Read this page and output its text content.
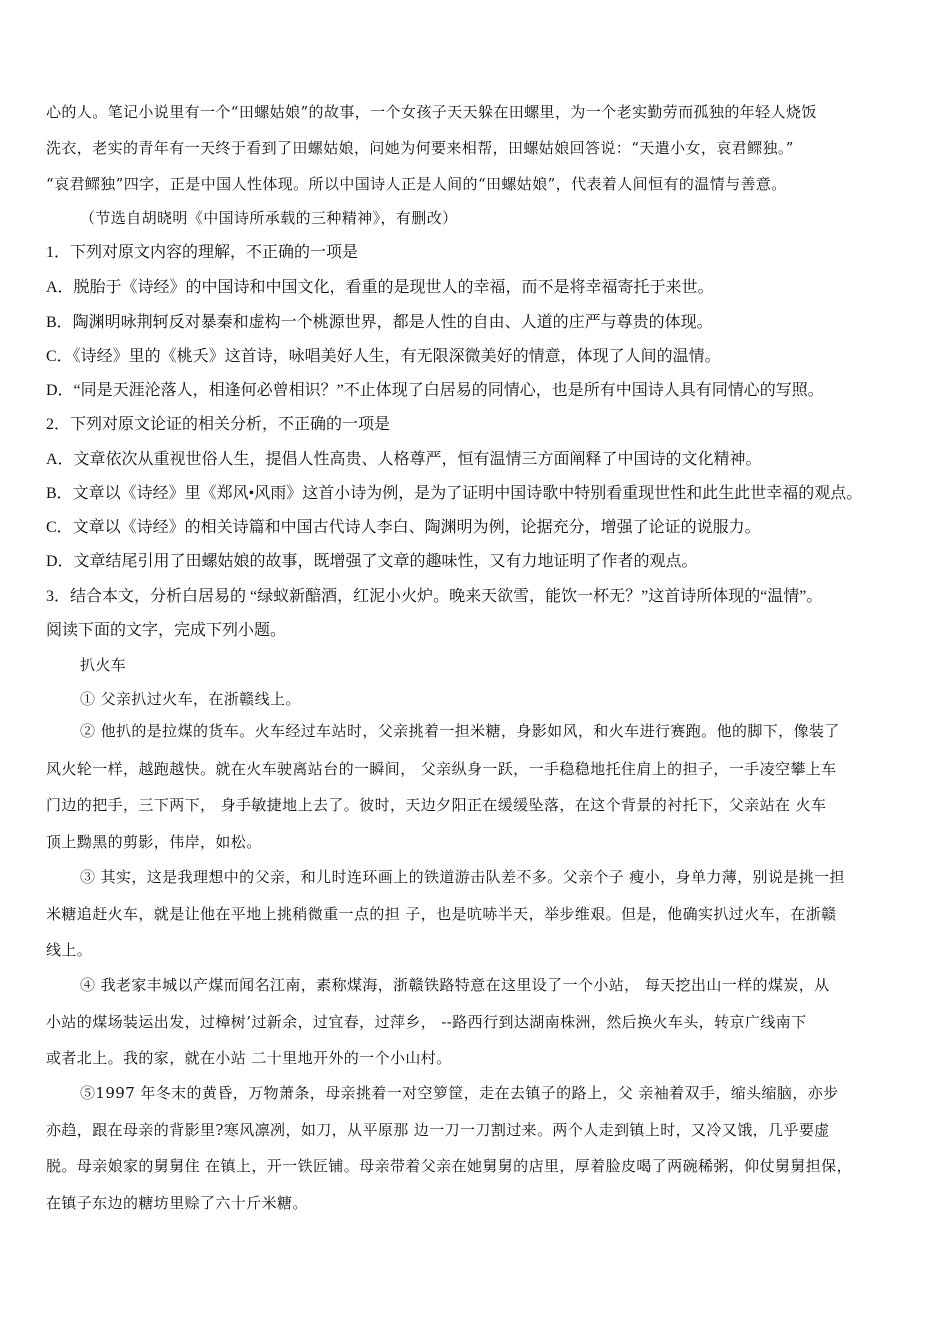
心的人。笔记小说里有一个“田螺姑娘”的故事，一个女孩子天天躲在田螺里，为一个老实勤劳而孤独的年轻人烧饭
洗衣，老实的青年有一天终于看到了田螺姑娘，问她为何要来相帮，田螺姑娘回答说：“天遣小女，哀君鳏独。”
“哀君鳏独”四字，正是中国人性体现。所以中国诗人正是人间的“田螺姑娘”，代表着人间恒有的温情与善意。
（节选自胡晓明《中国诗所承载的三种精神》，有删改）
1．下列对原文内容的理解，不正确的一项是
A．脱胎于《诗经》的中国诗和中国文化，看重的是现世人的幸福，而不是将幸福寄托于来世。
B．陶渊明咏荆轲反对暴秦和虚构一个桃源世界，都是人性的自由、人道的庄严与尊贵的体现。
C．《诗经》里的《桃夭》这首诗，咏唱美好人生，有无限深微美好的情意，体现了人间的温情。
D．“同是天涯沦落人，相逢何必曾相识？”不止体现了白居易的同情心，也是所有中国诗人具有同情心的写照。
2．下列对原文论证的相关分析，不正确的一项是
A．文章依次从重视世俗人生，提倡人性高贵、人格尊严，恒有温情三方面阐释了中国诗的文化精神。
B．文章以《诗经》里《郑风•风雨》这首小诗为例，是为了证明中国诗歌中特别看重现世性和此生此世幸福的观点。
C．文章以《诗经》的相关诗篇和中国古代诗人李白、陶渊明为例，论据充分，增强了论证的说服力。
D．文章结尾引用了田螺姑娘的故事，既增强了文章的趣味性，又有力地证明了作者的观点。
3．结合本文，分析白居易的 “绿蚁新醅酒，红泥小火炉。晚来天欲雪，能饮一杯无？”这首诗所体现的“温情”。
阅读下面的文字，完成下列小题。
扒火车
① 父亲扒过火车，在浙赣线上。
② 他扒的是拉煤的货车。火车经过车站时，父亲挑着一担米糖，身影如风，和火车进行赛跑。他的脚下，像装了
风火轮一样，越跑越快。就在火车驶离站台的一瞬间， 父亲纵身一跃，一手稳稳地托住肩上的担子，一手凌空攀上车
门边的把手，三下两下， 身手敏捷地上去了。彼时，天边夕阳正在缓缓坠落，在这个背景的衬托下，父亲站在 火车
顶上黝黑的剪影，伟岸，如松。
③ 其实，这是我理想中的父亲，和儿时连环画上的铁道游击队差不多。父亲个子 瘦小，身单力薄，别说是挑一担
米糖追赶火车，就是让他在平地上挑稍微重一点的担 子，也是吭哧半天，举步维艰。但是，他确实扒过火车，在浙赣
线上。
④ 我老家丰城以产煤而闻名江南，素称煤海，浙赣铁路特意在这里设了一个小站， 每天挖出山一样的煤炭，从
小站的煤场装运出发，过樟树’过新余，过宜春，过萍乡， --路西行到达湖南株洲，然后换火车头，转京广线南下
或者北上。我的家，就在小站 二十里地开外的一个小山村。
⑤1997 年冬末的黄昏，万物萧条，母亲挑着一对空箩筐，走在去镇子的路上，父 亲袖着双手，缩头缩脑，亦步
亦趋，跟在母亲的背影里?寒风凛冽，如刀，从平原那 边一刀一刀割过来。两个人走到镇上时，又冷又饿，几乎要虚
脱。母亲娘家的舅舅住 在镇上，开一铁匠铺。母亲带着父亲在她舅舅的店里，厚着脸皮喝了两碗稀粥，仰仗舅舅担保，
在镇子东边的糖坊里赊了六十斤米糖。
